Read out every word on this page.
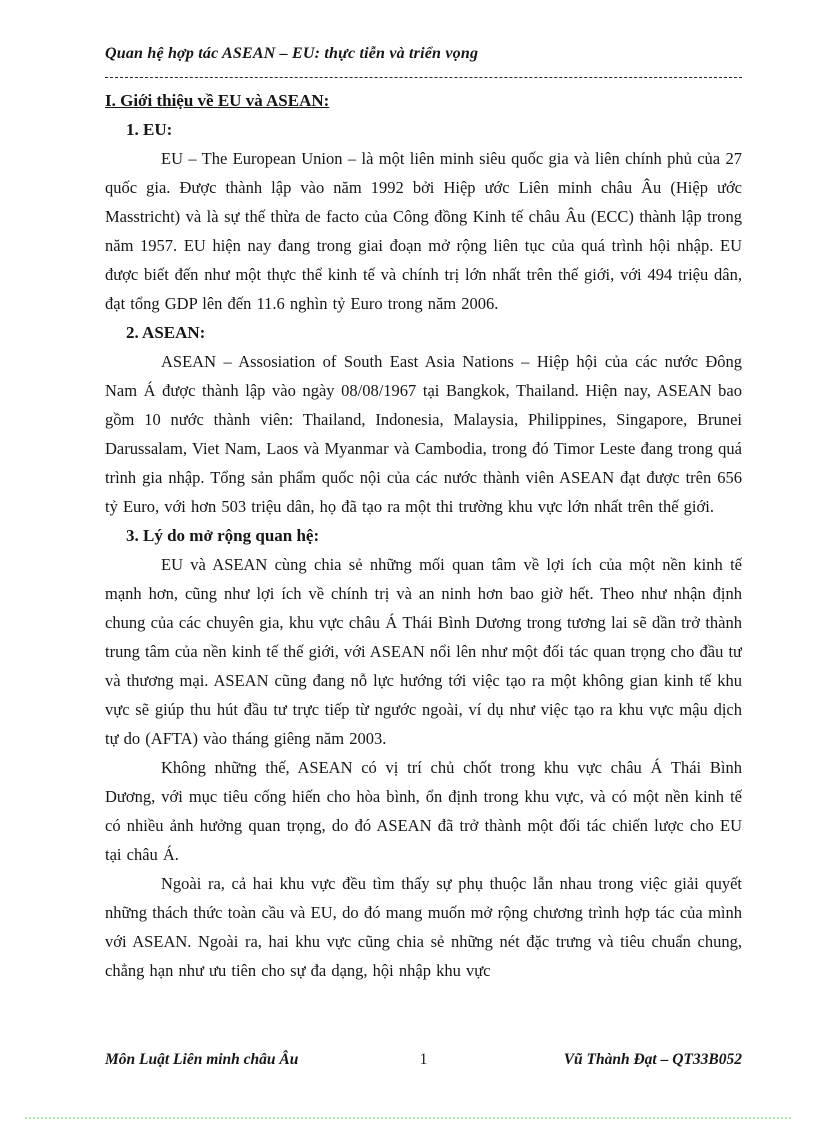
Quan hệ hợp tác ASEAN – EU: thực tiễn và triển vọng
I. Giới thiệu về EU và ASEAN:
1. EU:

EU – The European Union – là một liên minh siêu quốc gia và liên chính phủ của 27 quốc gia. Được thành lập vào năm 1992 bởi Hiệp ước Liên minh châu Âu (Hiệp ước Masstricht) và là sự thế thừa de facto của Công đồng Kinh tế châu Âu (ECC) thành lập trong năm 1957. EU hiện nay đang trong giai đoạn mở rộng liên tục của quá trình hội nhập. EU được biết đến như một thực thể kinh tế và chính trị lớn nhất trên thế giới, với 494 triệu dân, đạt tổng GDP lên đến 11.6 nghìn tỷ Euro trong năm 2006.

2. ASEAN:

ASEAN – Assosiation of South East Asia Nations – Hiệp hội của các nước Đông Nam Á được thành lập vào ngày 08/08/1967 tại Bangkok, Thailand. Hiện nay, ASEAN bao gồm 10 nước thành viên: Thailand, Indonesia, Malaysia, Philippines, Singapore, Brunei Darussalam, Viet Nam, Laos và Myanmar và Cambodia, trong đó Timor Leste đang trong quá trình gia nhập. Tổng sản phẩm quốc nội của các nước thành viên ASEAN đạt được trên 656 tỷ Euro, với hơn 503 triệu dân, họ đã tạo ra một thi trường khu vực lớn nhất trên thế giới.

3. Lý do mở rộng quan hệ:

EU và ASEAN cùng chia sẻ những mối quan tâm về lợi ích của một nền kinh tế mạnh hơn, cũng như lợi ích về chính trị và an ninh hơn bao giờ hết. Theo như nhận định chung của các chuyên gia, khu vực châu Á Thái Bình Dương trong tương lai sẽ dần trở thành trung tâm của nền kinh tế thế giới, với ASEAN nổi lên như một đối tác quan trọng cho đầu tư và thương mại. ASEAN cũng đang nỗ lực hướng tới việc tạo ra một không gian kinh tế khu vực sẽ giúp thu hút đầu tư trực tiếp từ ngước ngoài, ví dụ như việc tạo ra khu vực mậu dịch tự do (AFTA) vào tháng giêng năm 2003.

Không những thế, ASEAN có vị trí chủ chốt trong khu vực châu Á Thái Bình Dương, với mục tiêu cống hiến cho hòa bình, ổn định trong khu vực, và có một nền kinh tế có nhiều ảnh hưởng quan trọng, do đó ASEAN đã trở thành một đối tác chiến lược cho EU tại châu Á.

Ngoài ra, cả hai khu vực đều tìm thấy sự phụ thuộc lẫn nhau trong việc giải quyết những thách thức toàn cầu và EU, do đó mang muốn mở rộng chương trình hợp tác của mình với ASEAN. Ngoài ra, hai khu vực cũng chia sẻ những nét đặc trưng và tiêu chuẩn chung, chẳng hạn như ưu tiên cho sự đa dạng, hội nhập khu vực

Môn Luật Liên minh châu Âu	1	Vũ Thành Đạt – QT33B052
